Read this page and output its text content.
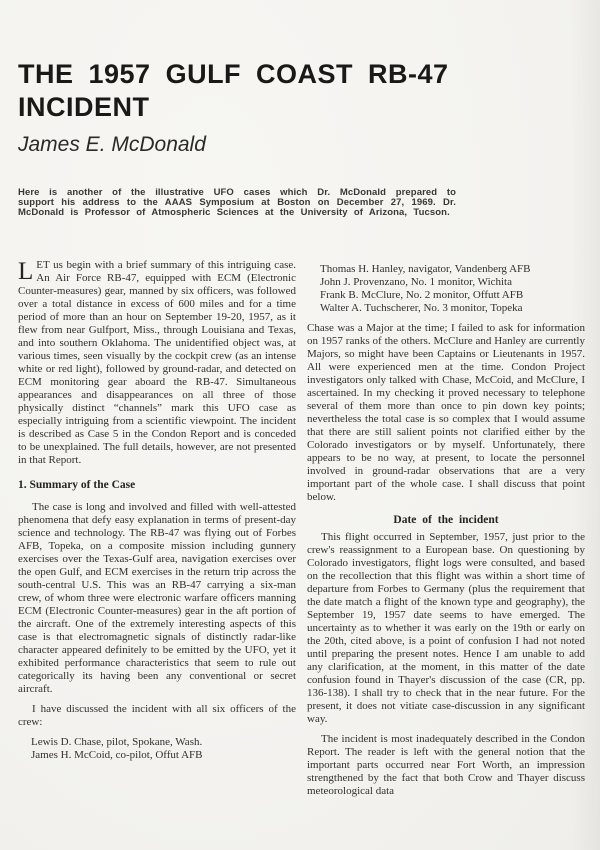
THE 1957 GULF COAST RB-47
INCIDENT
James E. McDonald

Here is another of the illustrative UFO cases which Dr. McDonald prepared to support his address to the AAAS Symposium at Boston on December 27, 1969. Dr. McDonald is Professor of Atmospheric Sciences at the University of Arizona, Tucson.

LET us begin with a brief summary of this intriguing case. An Air Force RB-47, equipped with ECM (Electronic Counter-measures) gear, manned by six officers, was followed over a total distance in excess of 600 miles and for a time period of more than an hour on September 19-20, 1957, as it flew from near Gulfport, Miss., through Louisiana and Texas, and into southern Oklahoma. The unidentified object was, at various times, seen visually by the cockpit crew (as an intense white or red light), followed by ground-radar, and detected on ECM monitoring gear aboard the RB-47. Simultaneous appearances and disappearances on all three of those physically distinct “channels” mark this UFO case as especially intriguing from a scientific viewpoint. The incident is described as Case 5 in the Condon Report and is conceded to be unexplained. The full details, however, are not presented in that Report.

1. Summary of the Case

The case is long and involved and filled with well-attested phenomena that defy easy explanation in terms of present-day science and technology. The RB-47 was flying out of Forbes AFB, Topeka, on a composite mission including gunnery exercises over the Texas-Gulf area, navigation exercises over the open Gulf, and ECM exercises in the return trip across the south-central U.S. This was an RB-47 carrying a six-man crew, of whom three were electronic warfare officers manning ECM (Electronic Counter-measures) gear in the aft portion of the aircraft. One of the extremely interesting aspects of this case is that electromagnetic signals of distinctly radar-like character appeared definitely to be emitted by the UFO, yet it exhibited performance characteristics that seem to rule out categorically its having been any conventional or secret aircraft.

I have discussed the incident with all six officers of the crew:

Lewis D. Chase, pilot, Spokane, Wash.
James H. McCoid, co-pilot, Offut AFB
Thomas H. Hanley, navigator, Vandenberg AFB
John J. Provenzano, No. 1 monitor, Wichita
Frank B. McClure, No. 2 monitor, Offutt AFB
Walter A. Tuchscherer, No. 3 monitor, Topeka

Chase was a Major at the time; I failed to ask for information on 1957 ranks of the others. McClure and Hanley are currently Majors, so might have been Captains or Lieutenants in 1957. All were experienced men at the time. Condon Project investigators only talked with Chase, McCoid, and McClure, I ascertained. In my checking it proved necessary to telephone several of them more than once to pin down key points; nevertheless the total case is so complex that I would assume that there are still salient points not clarified either by the Colorado investigators or by myself. Unfortunately, there appears to be no way, at present, to locate the personnel involved in ground-radar observations that are a very important part of the whole case. I shall discuss that point below.

Date of the incident

This flight occurred in September, 1957, just prior to the crew's reassignment to a European base. On questioning by Colorado investigators, flight logs were consulted, and based on the recollection that this flight was within a short time of departure from Forbes to Germany (plus the requirement that the date match a flight of the known type and geography), the September 19, 1957 date seems to have emerged. The uncertainty as to whether it was early on the 19th or early on the 20th, cited above, is a point of confusion I had not noted until preparing the present notes. Hence I am unable to add any clarification, at the moment, in this matter of the date confusion found in Thayer's discussion of the case (CR, pp. 136-138). I shall try to check that in the near future. For the present, it does not vitiate case-discussion in any significant way.

The incident is most inadequately described in the Condon Report. The reader is left with the general notion that the important parts occurred near Fort Worth, an impression strengthened by the fact that both Crow and Thayer discuss meteorological data
